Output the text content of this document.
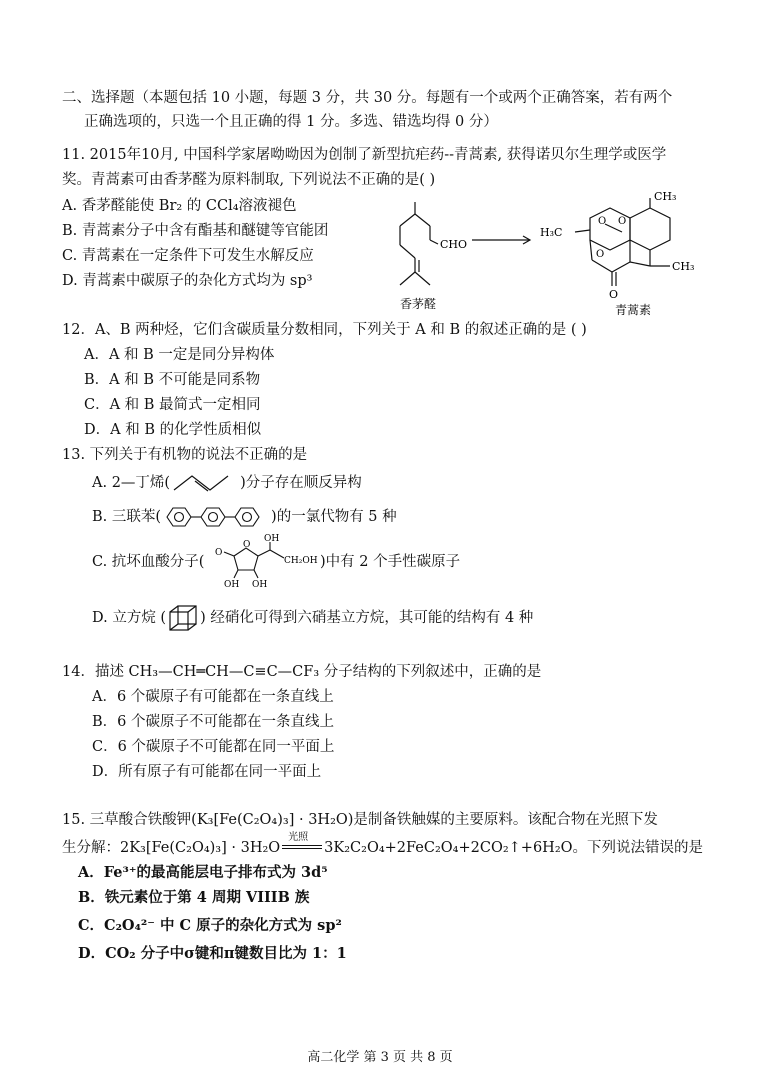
二、选择题（本题包括 10 小题，每题 3 分，共 30 分。每题有一个或两个正确答案，若有两个
正确选项的，只选一个且正确的得 1 分。多选、错选均得 0 分）
11. 2015年10月, 中国科学家屠呦呦因为创制了新型抗疟药--青蒿素, 获得诺贝尔生理学或医学
奖。青蒿素可由香茅醛为原料制取, 下列说法不正确的是( )
A. 香茅醛能使 Br₂ 的 CCl₄溶液褪色
B. 青蒿素分子中含有酯基和醚键等官能团
C. 青蒿素在一定条件下可发生水解反应
D. 青蒿素中碳原子的杂化方式均为 sp³
CHO
H₃C
CH₃
CH₃
O O
O
O
香茅醛	青蒿素
12．A、B 两种烃，它们含碳质量分数相同，下列关于 A 和 B 的叙述正确的是 ( )
A．A 和 B 一定是同分异构体
B．A 和 B 不可能是同系物
C．A 和 B 最简式一定相同
D．A 和 B 的化学性质相似
13. 下列关于有机物的说法不正确的是
A. 2—丁烯(	)分子存在顺反异构
B. 三联苯(	)的一氯代物有 5 种
C. 抗坏血酸分子(
O
O
OH
CH₂OH
OH OH
)中有 2 个手性碳原子
D. 立方烷 ( ) 经硝化可得到六硝基立方烷，其可能的结构有 4 种
14．描述 CH₃—CH═CH—C≡C—CF₃ 分子结构的下列叙述中，正确的是
A．6 个碳原子有可能都在一条直线上
B．6 个碳原子不可能都在一条直线上
C．6 个碳原子不可能都在同一平面上
D．所有原子有可能都在同一平面上
15. 三草酸合铁酸钾(K₃[Fe(C₂O₄)₃] · 3H₂O)是制备铁触媒的主要原料。该配合物在光照下发
生分解：2K₃[Fe(C₂O₄)₃] · 3H₂O
光照
3K₂C₂O₄+2FeC₂O₄+2CO₂↑+6H₂O。下列说法错误的是
A．Fe³⁺的最高能层电子排布式为 3d⁵
B．铁元素位于第 4 周期 VIIIB 族
C．C₂O₄²⁻ 中 C 原子的杂化方式为 sp²
D．CO₂ 分子中σ键和π键数目比为 1：1
高二化学 第 3 页 共 8 页
